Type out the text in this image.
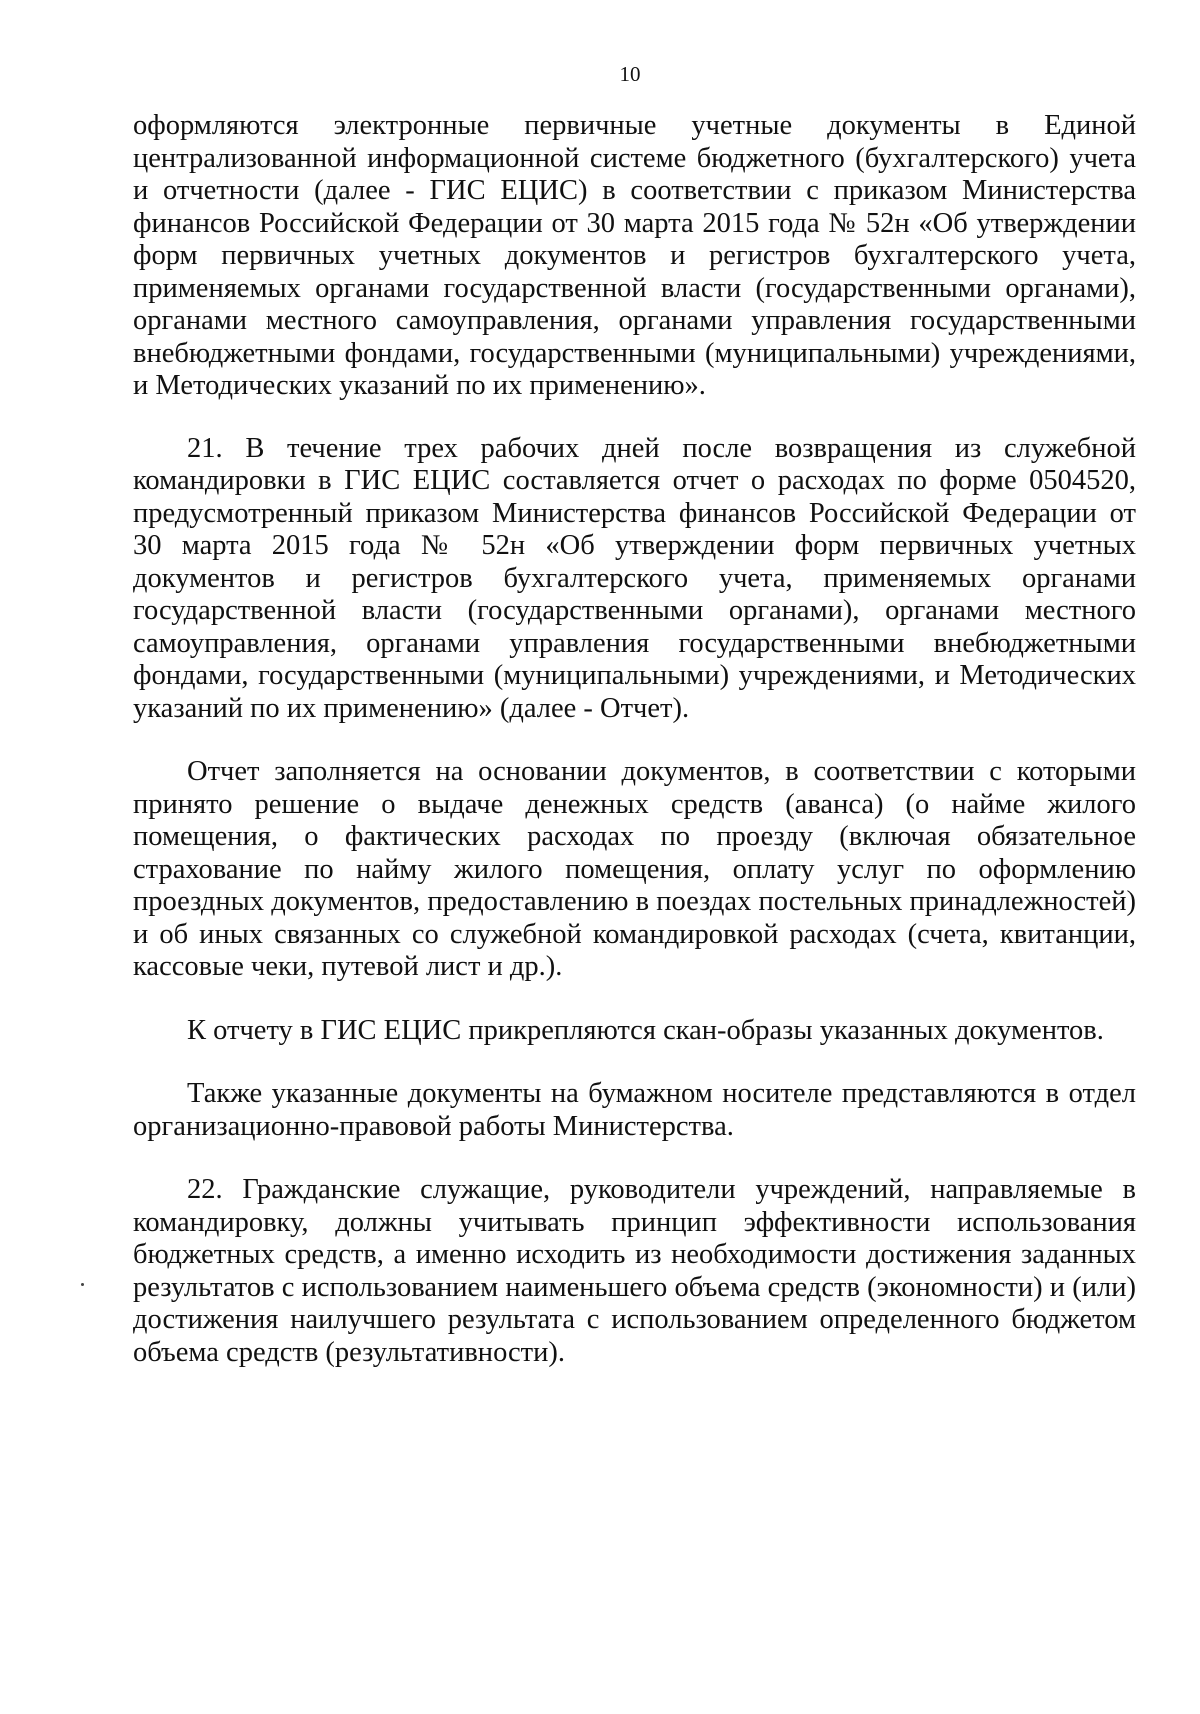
10

оформляются электронные первичные учетные документы в Единой централизованной информационной системе бюджетного (бухгалтерского) учета и отчетности (далее - ГИС ЕЦИС) в соответствии с приказом Министерства финансов Российской Федерации от 30 марта 2015 года № 52н «Об утверждении форм первичных учетных документов и регистров бухгалтерского учета, применяемых органами государственной власти (государственными органами), органами местного самоуправления, органами управления государственными внебюджетными фондами, государственными (муниципальными) учреждениями, и Методических указаний по их применению».

21. В течение трех рабочих дней после возвращения из служебной командировки в ГИС ЕЦИС составляется отчет о расходах по форме 0504520, предусмотренный приказом Министерства финансов Российской Федерации от 30 марта 2015 года № 52н «Об утверждении форм первичных учетных документов и регистров бухгалтерского учета, применяемых органами государственной власти (государственными органами), органами местного самоуправления, органами управления государственными внебюджетными фондами, государственными (муниципальными) учреждениями, и Методических указаний по их применению» (далее - Отчет).

Отчет заполняется на основании документов, в соответствии с которыми принято решение о выдаче денежных средств (аванса) (о найме жилого помещения, о фактических расходах по проезду (включая обязательное страхование по найму жилого помещения, оплату услуг по оформлению проездных документов, предоставлению в поездах постельных принадлежностей) и об иных связанных со служебной командировкой расходах (счета, квитанции, кассовые чеки, путевой лист и др.).

К отчету в ГИС ЕЦИС прикрепляются скан-образы указанных документов.

Также указанные документы на бумажном носителе представляются в отдел организационно-правовой работы Министерства.

22. Гражданские служащие, руководители учреждений, направляемые в командировку, должны учитывать принцип эффективности использования бюджетных средств, а именно исходить из необходимости достижения заданных результатов с использованием наименьшего объема средств (экономности) и (или) достижения наилучшего результата с использованием определенного бюджетом объема средств (результативности).
